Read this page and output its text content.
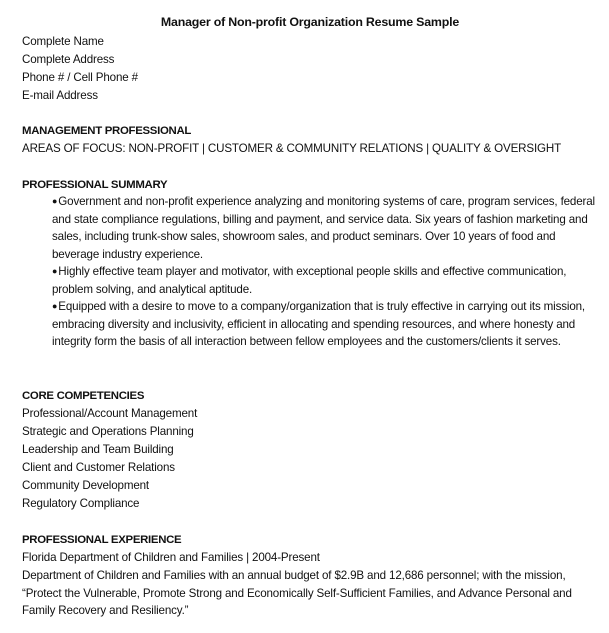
Manager of Non-profit Organization Resume Sample
Complete Name
Complete Address
Phone # / Cell Phone #
E-mail Address
MANAGEMENT PROFESSIONAL
AREAS OF FOCUS: NON-PROFIT | CUSTOMER & COMMUNITY RELATIONS | QUALITY & OVERSIGHT
PROFESSIONAL SUMMARY
●Government and non-profit experience analyzing and monitoring systems of care, program services, federal and state compliance regulations, billing and payment, and service data. Six years of fashion marketing and sales, including trunk-show sales, showroom sales, and product seminars. Over 10 years of food and beverage industry experience.
●Highly effective team player and motivator, with exceptional people skills and effective communication, problem solving, and analytical aptitude.
●Equipped with a desire to move to a company/organization that is truly effective in carrying out its mission, embracing diversity and inclusivity, efficient in allocating and spending resources, and where honesty and integrity form the basis of all interaction between fellow employees and the customers/clients it serves.
CORE COMPETENCIES
Professional/Account Management
Strategic and Operations Planning
Leadership and Team Building
Client and Customer Relations
Community Development
Regulatory Compliance
PROFESSIONAL EXPERIENCE
Florida Department of Children and Families | 2004-Present
Department of Children and Families with an annual budget of $2.9B and 12,686 personnel; with the mission, “Protect the Vulnerable, Promote Strong and Economically Self-Sufficient Families, and Advance Personal and Family Recovery and Resiliency.”
